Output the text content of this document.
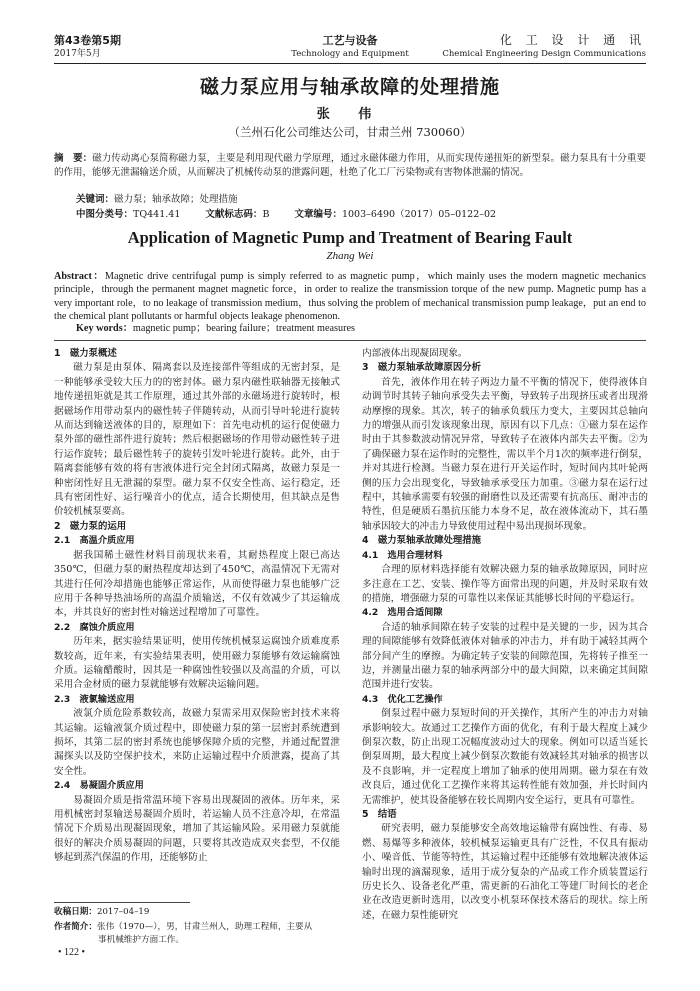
第43卷第5期
2017年5月
工艺与设备
Technology and Equipment
化 工 设 计 通 讯
Chemical Engineering Design Communications
磁力泵应用与轴承故障的处理措施
张 伟
（兰州石化公司维达公司，甘肃兰州 730060）
摘　要：磁力传动离心泵简称磁力泵，主要是利用现代磁力学原理，通过永磁体磁力作用，从而实现传递扭矩的新型泵。磁力泵具有十分重要的作用，能够无泄漏输送介质，从而解决了机械传动泵的泄露问题，杜绝了化工厂污染物或有害物体泄漏的情况。
关键词：磁力泵；轴承故障；处理措施
中图分类号：TQ441.41	文献标志码：B	文章编号：1003–6490（2017）05–0122–02
Application of Magnetic Pump and Treatment of Bearing Fault
Zhang Wei
Abstract：Magnetic drive centrifugal pump is simply referred to as magnetic pump，which mainly uses the modern magnetic mechanics principle，through the permanent magnet magnetic force，in order to realize the transmission torque of the new pump. Magnetic pump has a very important role，to no leakage of transmission medium，thus solving the problem of mechanical transmission pump leakage，put an end to the chemical plant pollutants or harmful objects leakage phenomenon.
Key words：magnetic pump；bearing failure；treatment measures
1　磁力泵概述

磁力泵是由泵体、隔离套以及连接部件等组成的无密封泵，是一种能够承受较大压力的的密封体。磁力泵内磁性联轴器无接触式地传递扭矩就是其工作原理，通过其外部的永磁场进行旋转时，根据磁场作用带动泵内的磁性转子伴随转动，从而引导叶轮进行旋转从而达到输送液体的目的，原理如下：首先电动机的运行促使磁力泵外部的磁性部件进行旋转；然后根据磁场的作用带动磁性转子进行运作旋转；最后磁性转子的旋转引发叶轮进行旋转。此外，由于隔离套能够有效的将有害液体进行完全封闭式隔离，故磁力泵是一种密闭性好且无泄漏的泵型。磁力泵不仅安全性高、运行稳定，还具有密闭性好、运行噪音小的优点，适合长期使用，但其缺点是售价较机械泵要高。

2　磁力泵的运用
2.1　高温介质应用

据我国稀土磁性材料目前现状来看，其耐热程度上限已高达350℃，但磁力泵的耐热程度却达到了450℃，高温情况下无需对其进行任何冷却措施也能够正常运作，从而使得磁力泵也能够广泛应用于各种导热油场所的高温介质输送，不仅有效减少了其运输成本，并其良好的密封性对输送过程增加了可靠性。

2.2　腐蚀介质应用

历年来，据实验结果证明，使用传统机械泵运腐蚀介质难度系数较高，近年来，有实验结果表明，使用磁力泵能够有效运输腐蚀介质。运输醋酸时，因其是一种腐蚀性较强以及高温的介质，可以采用合金材质的磁力泵就能够有效解决运输问题。

2.3　液氯输送应用

液氯介质危险系数较高，故磁力泵需采用双保险密封技术来将其运输。运输液氯介质过程中，即使磁力泵的第一层密封系统遭到损坏，其第二层的密封系统也能够保障介质的完整，并通过配置泄漏探头以及防空保护技术，来防止运输过程中介质泄露，提高了其安全性。

2.4　易凝固介质应用

易凝固介质是指常温环境下容易出现凝固的液体。历年来，采用机械密封泵输送易凝固介质时，若运输人员不注意冷却，在常温情况下介质易出现凝固现象，增加了其运输风险。采用磁力泵就能很好的解决介质易凝固的问题，只要将其改造成双夹套型，不仅能够起到蒸汽保温的作用，还能够防止

内部液体出现凝固现象。

3　磁力泵轴承故障原因分析

首先，液体作用在转子两边力量不平衡的情况下，使得液体自动调节时其转子轴向承受失去平衡，导致转子出现挤压或者出现滑动摩擦的现象。其次，转子的轴承负载压力变大，主要因其总轴向力的增强从而引发该现象出现，原因有以下几点：①磁力泵在运作时由于其参数波动情况异常，导致转子在液体内部失去平衡。②为了确保磁力泵在运作时的完整性，需以半个月1次的频率进行倒泵，并对其进行检测。当磁力泵在进行开关运作时，短时间内其叶轮两侧的压力会出现变化，导致轴承承受压力加重。③磁力泵在运行过程中，其轴承需要有较强的耐磨性以及还需要有抗高压、耐冲击的特性，但是硬质石墨抗压能力本身不足，故在液体流动下，其石墨轴承因较大的冲击力导致使用过程中易出现损坏现象。

4　磁力泵轴承故障处理措施
4.1　选用合理材料

合理的原材料选择能有效解决磁力泵的轴承故障原因，同时应多注意在工艺、安装、操作等方面常出现的问题，并及时采取有效的措施，增强磁力泵的可靠性以来保证其能够长时间的平稳运行。

4.2　选用合适间隙

合适的轴承间隙在转子安装的过程中是关键的一步，因为其合理的间隙能够有效降低液体对轴承的冲击力，并有助于减轻其两个部分间产生的摩擦。为确定转子安装的间隙范围，先将转子推至一边，并测量出磁力泵的轴承两部分中的最大间隙，以来确定其间隙范围并进行安装。

4.3　优化工艺操作

倒泵过程中磁力泵短时间的开关操作，其所产生的冲击力对轴承影响较大。故通过工艺操作方面的优化，有利于最大程度上减少倒泵次数，防止出现工况幅度波动过大的现象。例如可以适当延长倒泵周期，最大程度上减少倒泵次数能有效减轻其对轴承的损害以及不良影响，并一定程度上增加了轴承的使用周期。磁力泵在有效改良后，通过优化工艺操作来将其运转性能有效加强，并长时间内无需维护，使其设备能够在较长周期内安全运行，更具有可靠性。

5　结语

研究表明，磁力泵能够安全高效地运输带有腐蚀性、有毒、易燃、易爆等多种液体，较机械泵运输更具有广泛性，不仅具有振动小、噪音低、节能等特性，其运输过程中还能够有效地解决液体运输时出现的滴漏现象，适用于成分复杂的产品或工作介质装置运行历史长久、设备老化严重，需更新的石油化工等建厂时间长的老企业在改造更新时选用，以改变小机泵环保技术落后的现状。综上所述，在磁力泵性能研究

收稿日期：2017–04–19
作者简介：张伟（1970—），男，甘肃兰州人，助理工程师，主要从
事机械维护方面工作。
• 122 •
